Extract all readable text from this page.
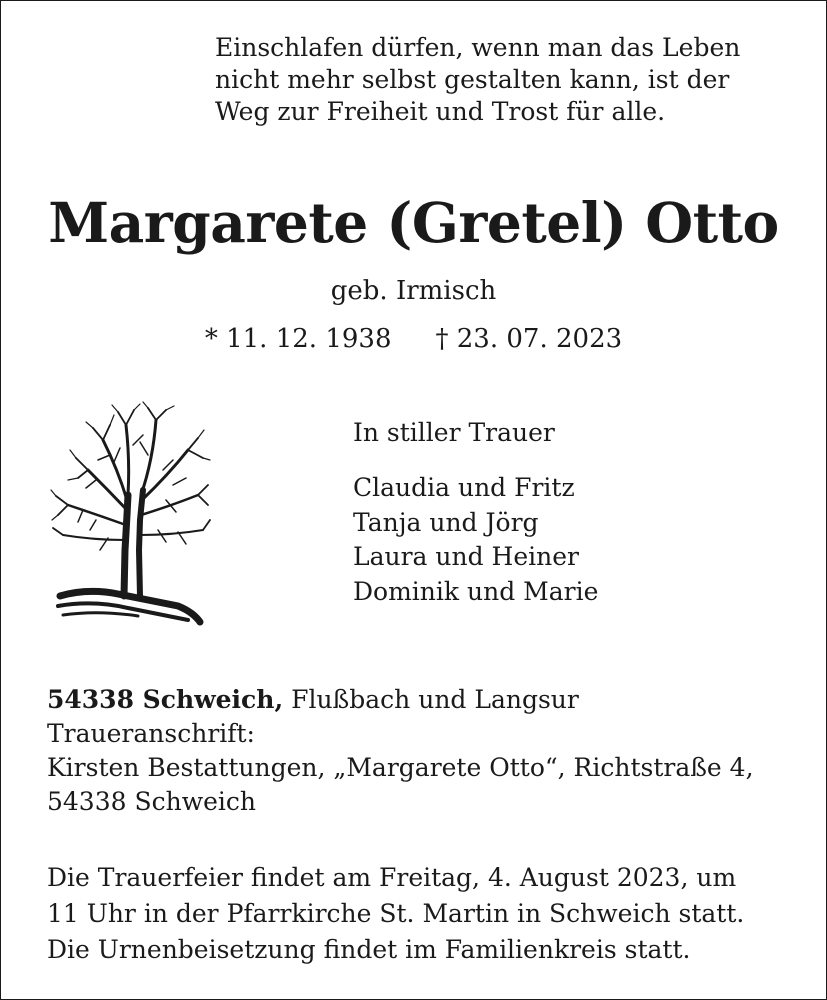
Einschlafen dürfen, wenn man das Leben
nicht mehr selbst gestalten kann, ist der
Weg zur Freiheit und Trost für alle.
Margarete (Gretel) Otto
geb. Irmisch
* 11. 12. 1938 † 23. 07. 2023
In stiller Trauer
Claudia und Fritz
Tanja und Jörg
Laura und Heiner
Dominik und Marie
54338 Schweich, Flußbach und Langsur
Traueranschrift:
Kirsten Bestattungen, „Margarete Otto“, Richtstraße 4,
54338 Schweich
Die Trauerfeier findet am Freitag, 4. August 2023, um
11 Uhr in der Pfarrkirche St. Martin in Schweich statt.
Die Urnenbeisetzung findet im Familienkreis statt.
